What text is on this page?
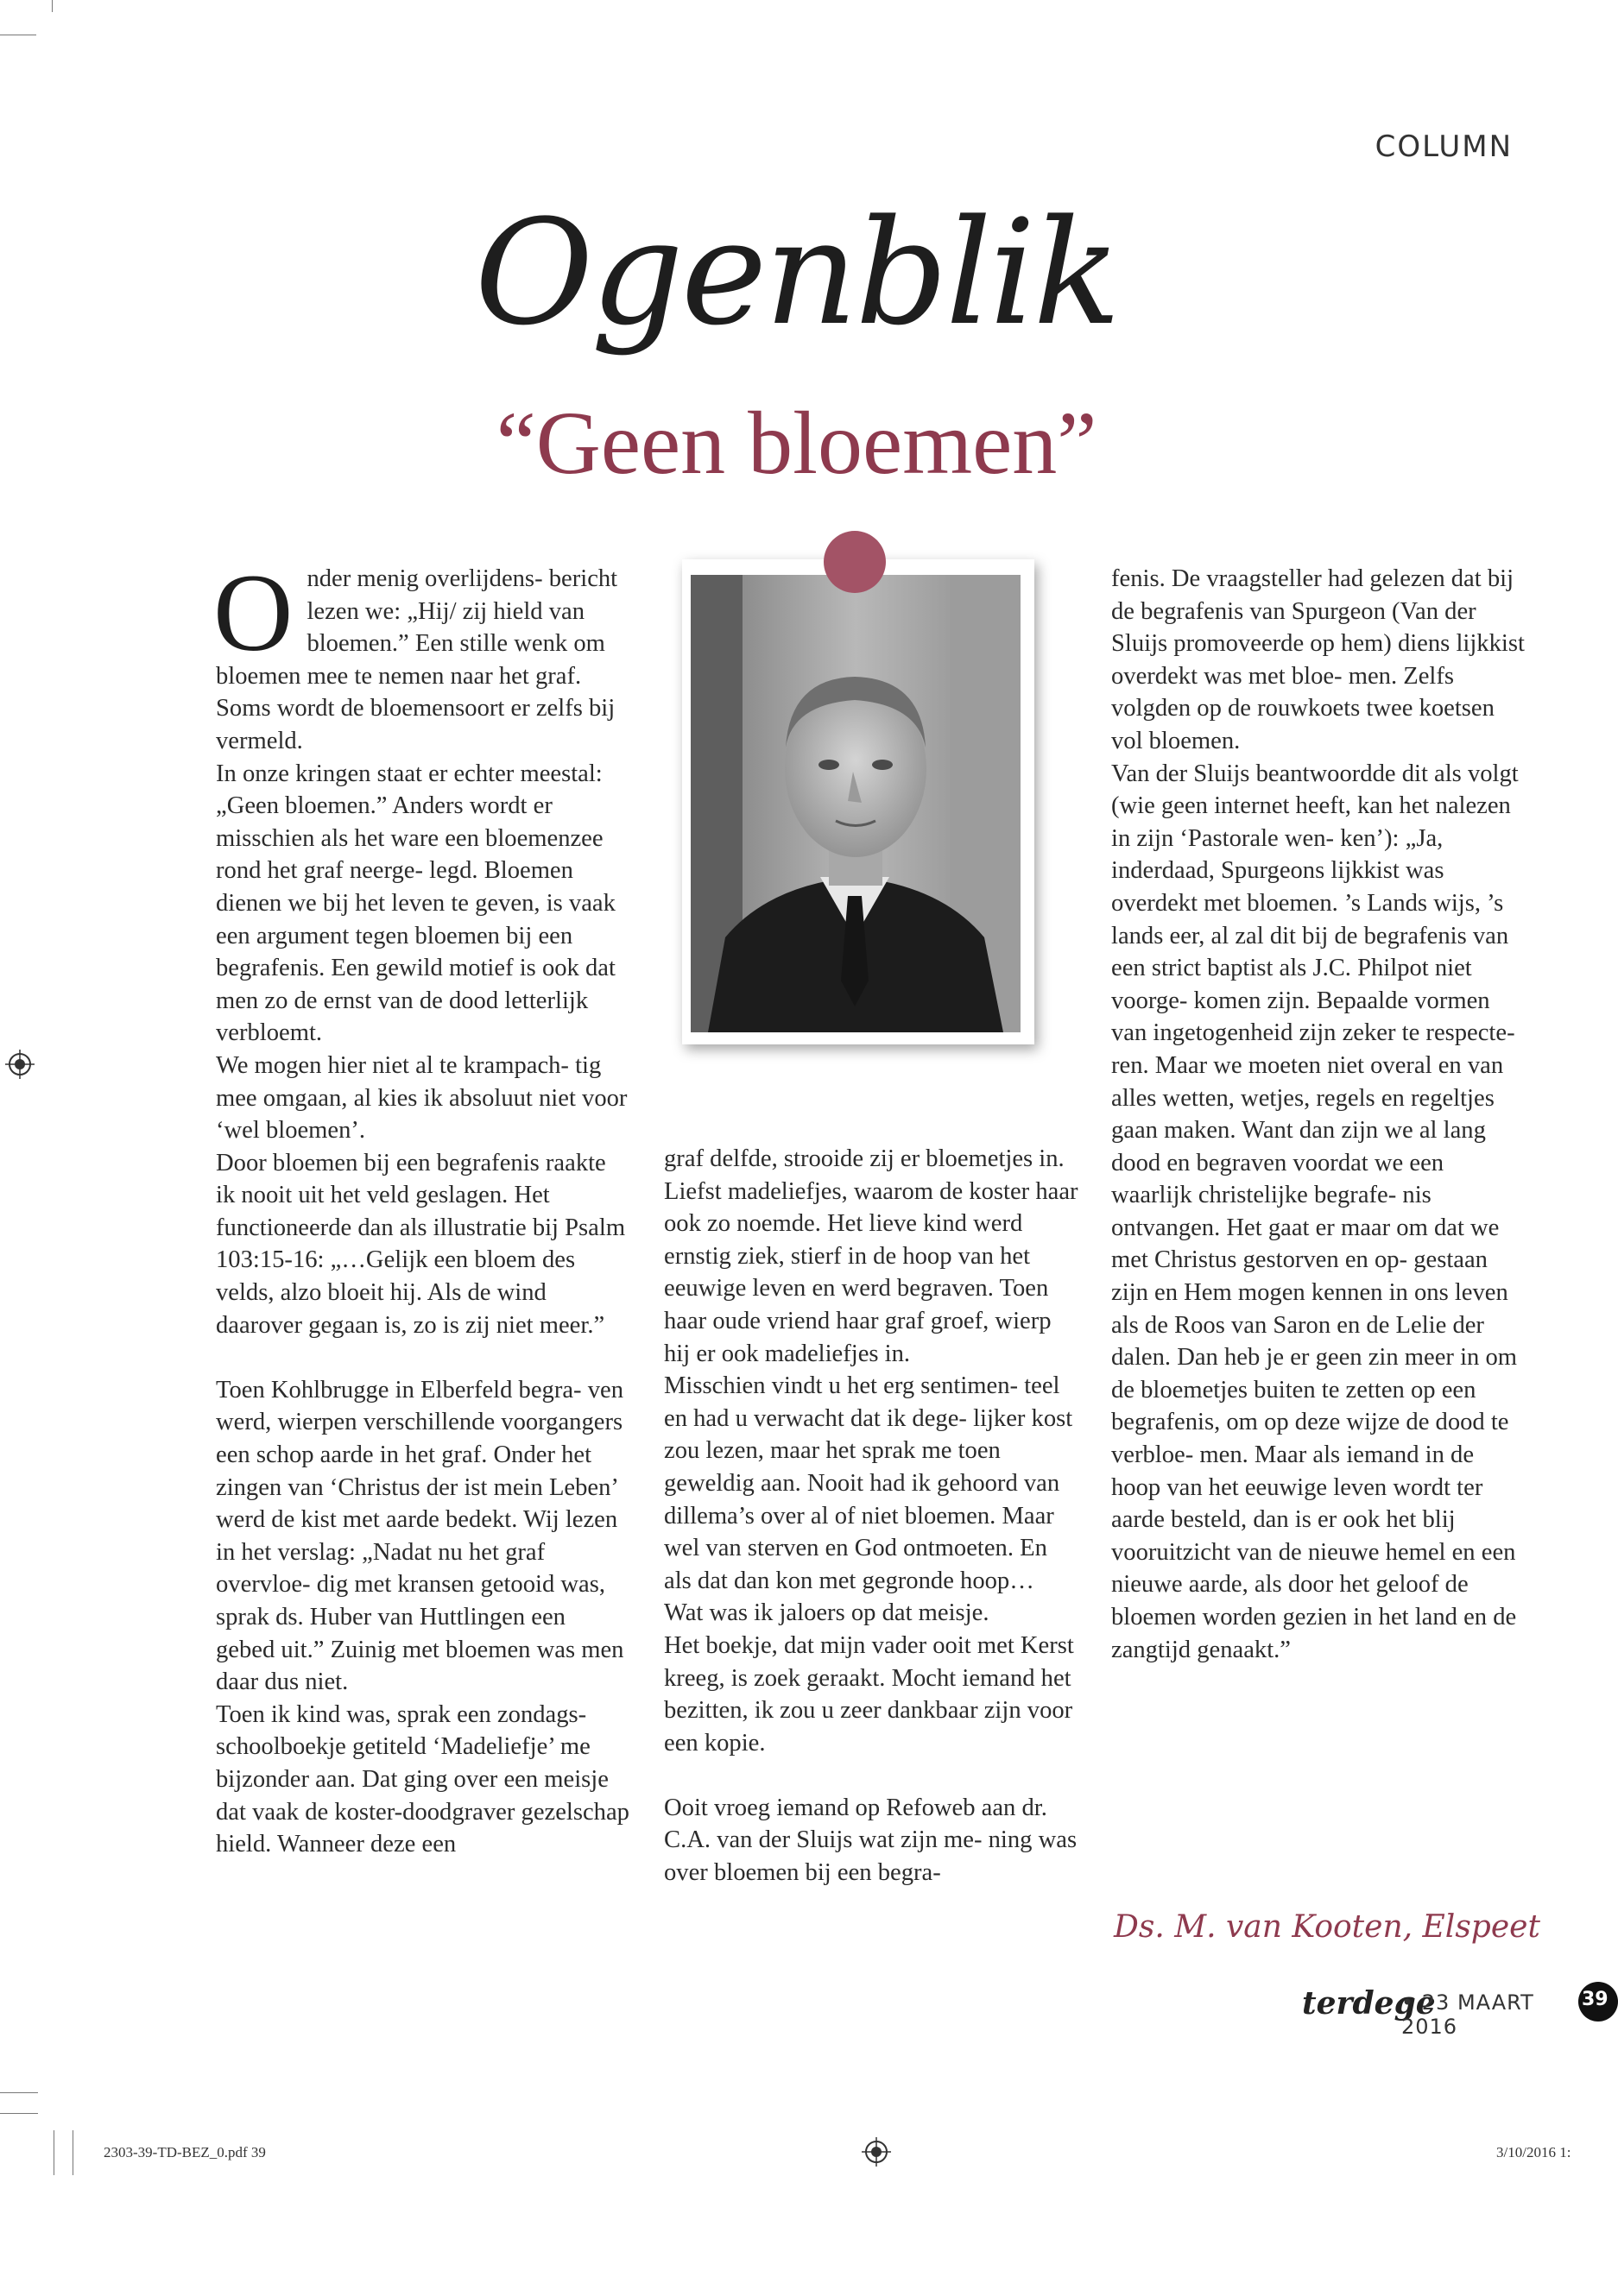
COLUMN
Ogenblik
“Geen bloemen”
O nder menig overlijdens- bericht lezen we: „Hij/ zij hield van bloemen.” Een stille wenk om bloemen mee te nemen naar het graf. Soms wordt de bloemensoort er zelfs bij vermeld.

In onze kringen staat er echter meestal: „Geen bloemen.” Anders wordt er misschien als het ware een bloemenzee rond het graf neerge- legd. Bloemen dienen we bij het leven te geven, is vaak een argument tegen bloemen bij een begrafenis. Een gewild motief is ook dat men zo de ernst van de dood letterlijk verbloemt.

We mogen hier niet al te krampach- tig mee omgaan, al kies ik absoluut niet voor ‘wel bloemen’.

Door bloemen bij een begrafenis raakte ik nooit uit het veld geslagen. Het functioneerde dan als illustratie bij Psalm 103:15-16: „…Gelijk een bloem des velds, alzo bloeit hij. Als de wind daarover gegaan is, zo is zij niet meer.”

Toen Kohlbrugge in Elberfeld begra- ven werd, wierpen verschillende voorgangers een schop aarde in het graf. Onder het zingen van ‘Christus der ist mein Leben’ werd de kist met aarde bedekt. Wij lezen in het verslag: „Nadat nu het graf overvloe- dig met kransen getooid was, sprak ds. Huber van Huttlingen een gebed uit.” Zuinig met bloemen was men daar dus niet.

Toen ik kind was, sprak een zondags- schoolboekje getiteld ‘Madeliefje’ me bijzonder aan. Dat ging over een meisje dat vaak de koster-doodgraver gezelschap hield. Wanneer deze een

graf delfde, strooide zij er bloemetjes in. Liefst madeliefjes, waarom de koster haar ook zo noemde. Het lieve kind werd ernstig ziek, stierf in de hoop van het eeuwige leven en werd begraven. Toen haar oude vriend haar graf groef, wierp hij er ook madeliefjes in.

Misschien vindt u het erg sentimen- teel en had u verwacht dat ik dege- lijker kost zou lezen, maar het sprak me toen geweldig aan. Nooit had ik gehoord van dillema’s over al of niet bloemen. Maar wel van sterven en God ontmoeten. En als dat dan kon met gegronde hoop… Wat was ik jaloers op dat meisje.

Het boekje, dat mijn vader ooit met Kerst kreeg, is zoek geraakt. Mocht iemand het bezitten, ik zou u zeer dankbaar zijn voor een kopie.

Ooit vroeg iemand op Refoweb aan dr. C.A. van der Sluijs wat zijn me- ning was over bloemen bij een begra-

fenis. De vraagsteller had gelezen dat bij de begrafenis van Spurgeon (Van der Sluijs promoveerde op hem) diens lijkkist overdekt was met bloe- men. Zelfs volgden op de rouwkoets twee koetsen vol bloemen.

Van der Sluijs beantwoordde dit als volgt (wie geen internet heeft, kan het nalezen in zijn ‘Pastorale wen- ken’): „Ja, inderdaad, Spurgeons lijkkist was overdekt met bloemen. ’s Lands wijs, ’s lands eer, al zal dit bij de begrafenis van een strict baptist als J.C. Philpot niet voorge- komen zijn. Bepaalde vormen van ingetogenheid zijn zeker te respecte- ren. Maar we moeten niet overal en van alles wetten, wetjes, regels en regeltjes gaan maken. Want dan zijn we al lang dood en begraven voordat we een waarlijk christelijke begrafe- nis ontvangen. Het gaat er maar om dat we met Christus gestorven en op- gestaan zijn en Hem mogen kennen in ons leven als de Roos van Saron en de Lelie der dalen. Dan heb je er geen zin meer in om de bloemetjes buiten te zetten op een begrafenis, om op deze wijze de dood te verbloe- men. Maar als iemand in de hoop van het eeuwige leven wordt ter aarde besteld, dan is er ook het blij vooruitzicht van de nieuwe hemel en een nieuwe aarde, als door het geloof de bloemen worden gezien in het land en de zangtijd genaakt.”

Ds. M. van Kooten, Elspeet
terdege
• 23 MAART 2016
39
2303-39-TD-BEZ_0.pdf 39	3/10/2016 1:
